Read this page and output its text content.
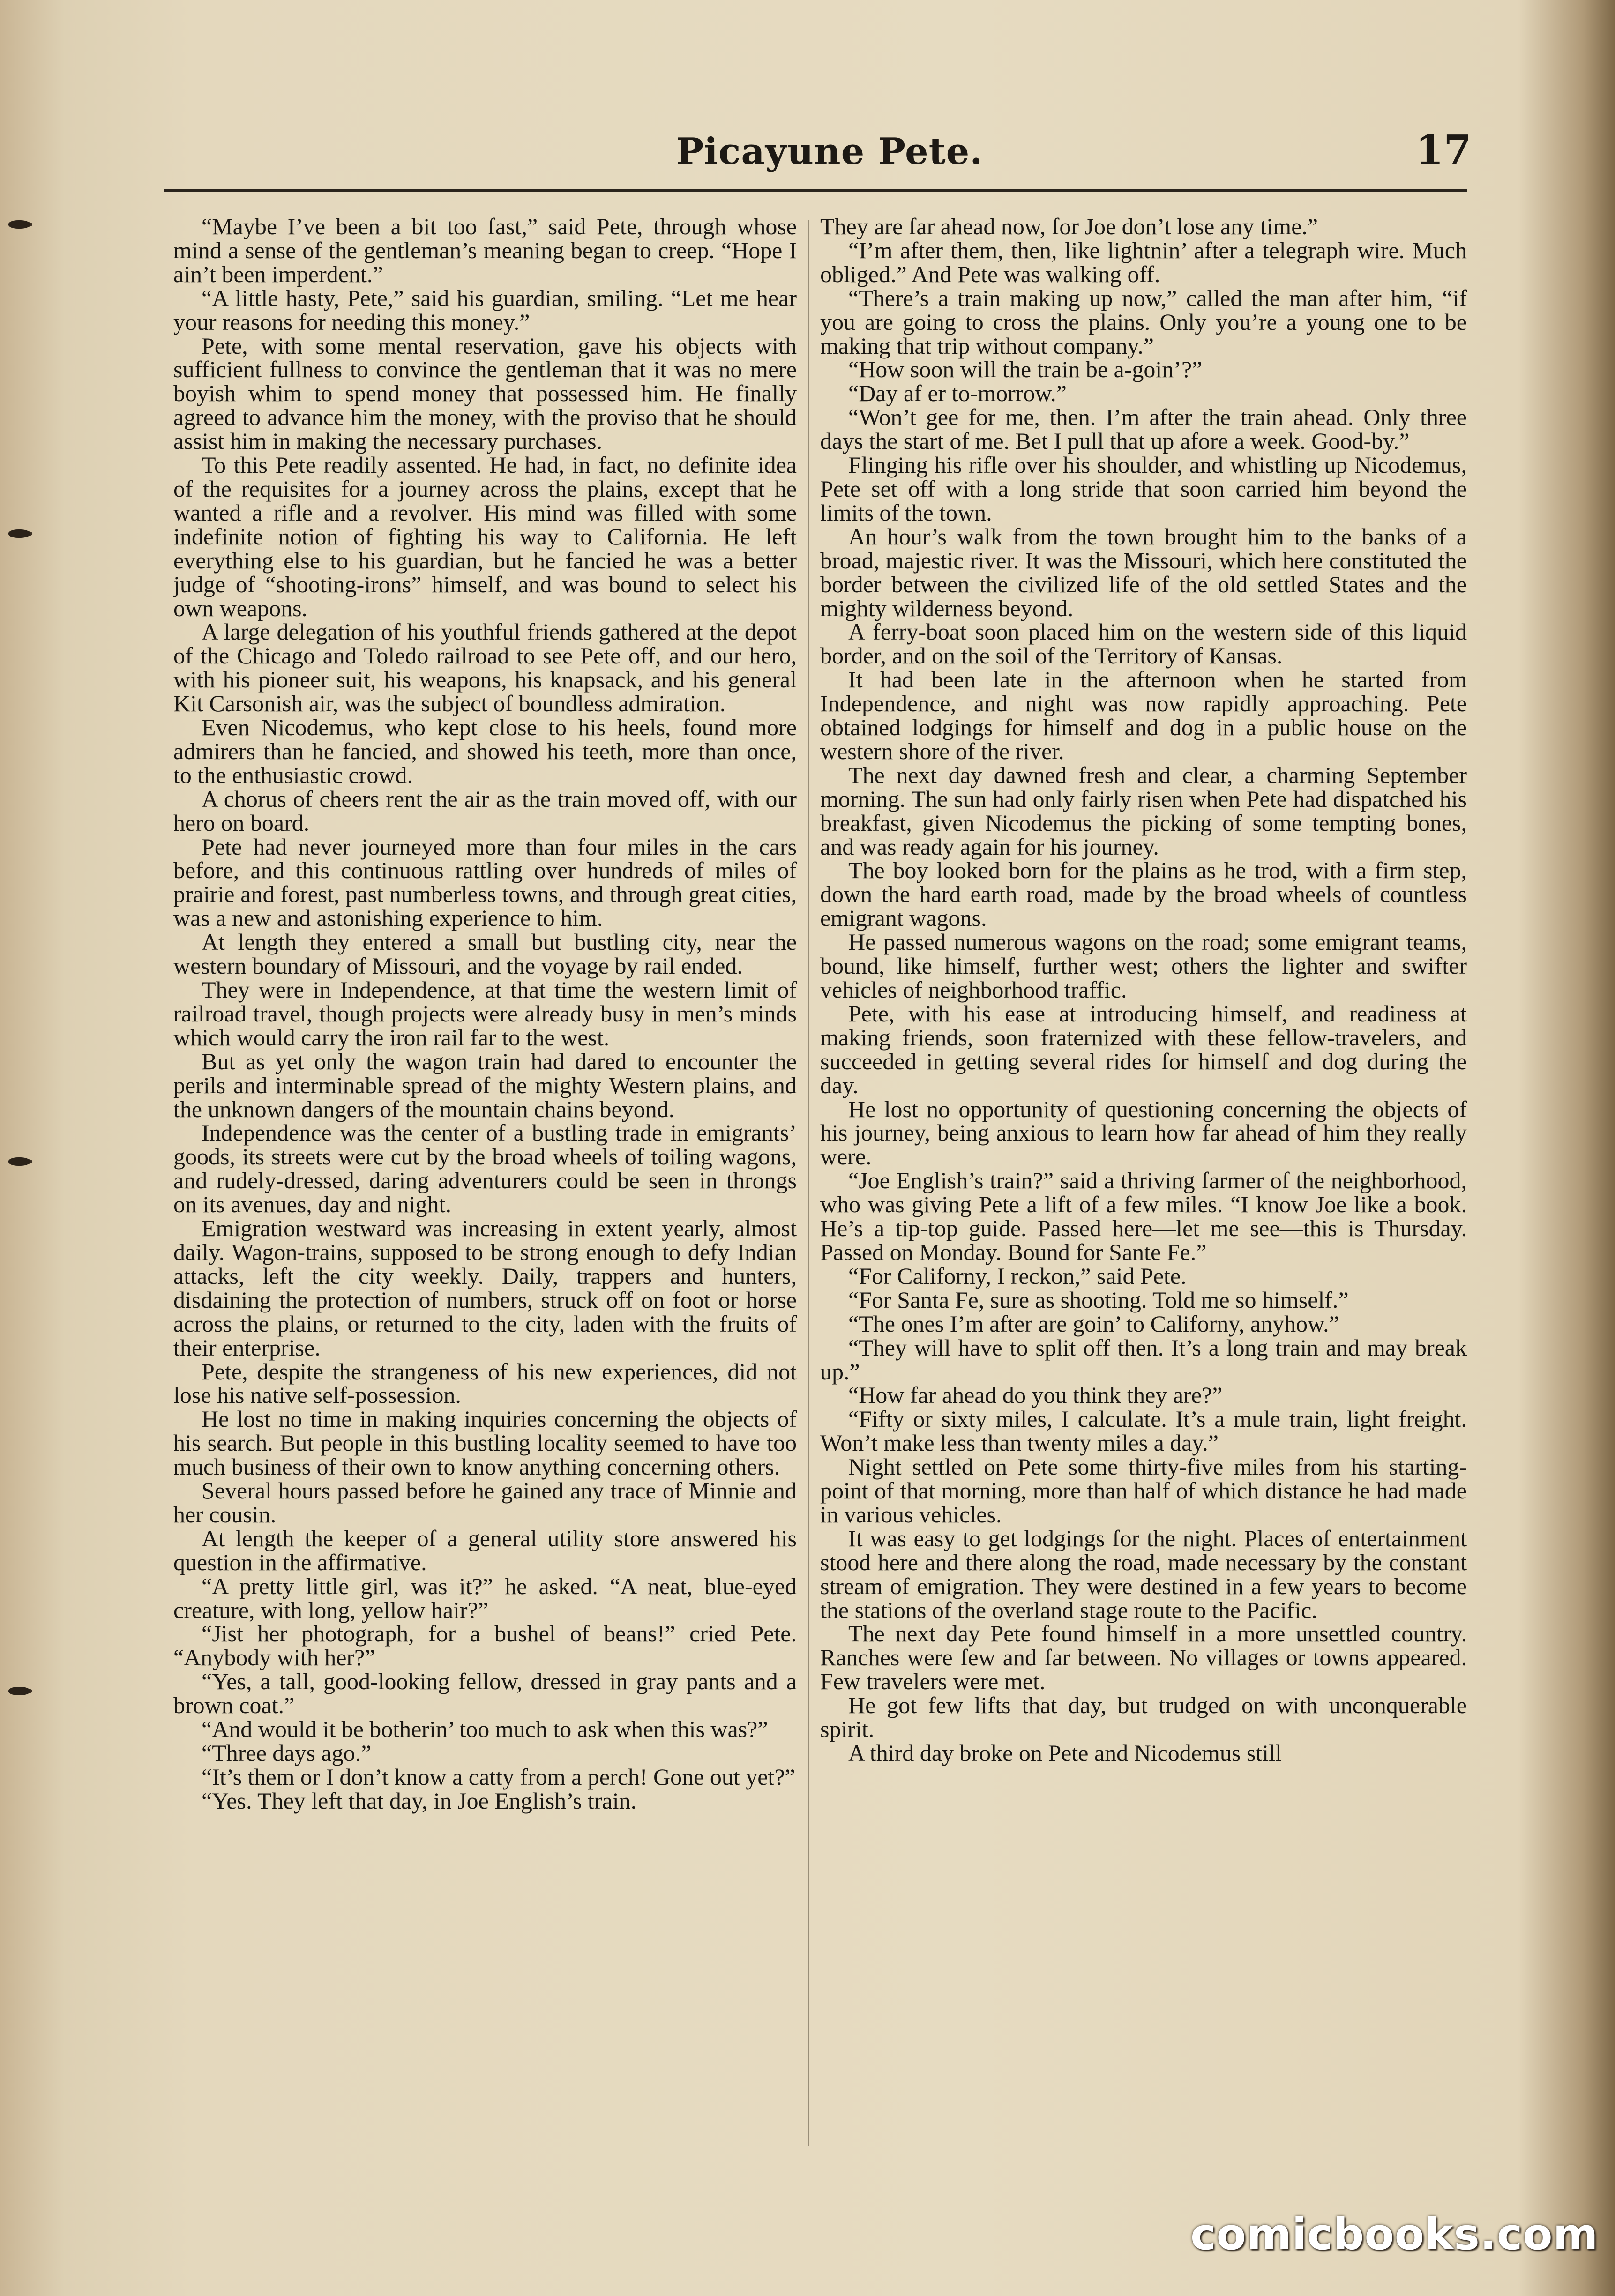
Picayune Pete.	17

“Maybe I’ve been a bit too fast,” said Pete, through whose mind a sense of the gentleman’s meaning began to creep. “Hope I ain’t been imperdent.”

“A little hasty, Pete,” said his guardian, smiling. “Let me hear your reasons for needing this money.”

Pete, with some mental reservation, gave his objects with sufficient fullness to convince the gentleman that it was no mere boyish whim to spend money that possessed him. He finally agreed to advance him the money, with the proviso that he should assist him in making the necessary purchases.

To this Pete readily assented. He had, in fact, no definite idea of the requisites for a journey across the plains, except that he wanted a rifle and a revolver. His mind was filled with some indefinite notion of fighting his way to California. He left everything else to his guardian, but he fancied he was a better judge of “shooting-irons” himself, and was bound to select his own weapons.

A large delegation of his youthful friends gathered at the depot of the Chicago and Toledo railroad to see Pete off, and our hero, with his pioneer suit, his weapons, his knapsack, and his general Kit Carsonish air, was the subject of boundless admiration.

Even Nicodemus, who kept close to his heels, found more admirers than he fancied, and showed his teeth, more than once, to the enthusiastic crowd.

A chorus of cheers rent the air as the train moved off, with our hero on board.

Pete had never journeyed more than four miles in the cars before, and this continuous rattling over hundreds of miles of prairie and forest, past numberless towns, and through great cities, was a new and astonishing experience to him.

At length they entered a small but bustling city, near the western boundary of Missouri, and the voyage by rail ended.

They were in Independence, at that time the western limit of railroad travel, though projects were already busy in men’s minds which would carry the iron rail far to the west.

But as yet only the wagon train had dared to encounter the perils and interminable spread of the mighty Western plains, and the unknown dangers of the mountain chains beyond.

Independence was the center of a bustling trade in emigrants’ goods, its streets were cut by the broad wheels of toiling wagons, and rudely-dressed, daring adventurers could be seen in throngs on its avenues, day and night.

Emigration westward was increasing in extent yearly, almost daily. Wagon-trains, supposed to be strong enough to defy Indian attacks, left the city weekly. Daily, trappers and hunters, disdaining the protection of numbers, struck off on foot or horse across the plains, or returned to the city, laden with the fruits of their enterprise.

Pete, despite the strangeness of his new experiences, did not lose his native self-possession.

He lost no time in making inquiries concerning the objects of his search. But people in this bustling locality seemed to have too much business of their own to know anything concerning others.

Several hours passed before he gained any trace of Minnie and her cousin.

At length the keeper of a general utility store answered his question in the affirmative.

“A pretty little girl, was it?” he asked. “A neat, blue-eyed creature, with long, yellow hair?”

“Jist her photograph, for a bushel of beans!” cried Pete. “Anybody with her?”

“Yes, a tall, good-looking fellow, dressed in gray pants and a brown coat.”

“And would it be botherin’ too much to ask when this was?”

“Three days ago.”

“It’s them or I don’t know a catty from a perch! Gone out yet?”

“Yes. They left that day, in Joe English’s train.

They are far ahead now, for Joe don’t lose any time.”

“I’m after them, then, like lightnin’ after a telegraph wire. Much obliged.” And Pete was walking off.

“There’s a train making up now,” called the man after him, “if you are going to cross the plains. Only you’re a young one to be making that trip without company.”

“How soon will the train be a-goin’?”

“Day af er to-morrow.”

“Won’t gee for me, then. I’m after the train ahead. Only three days the start of me. Bet I pull that up afore a week. Good-by.”

Flinging his rifle over his shoulder, and whistling up Nicodemus, Pete set off with a long stride that soon carried him beyond the limits of the town.

An hour’s walk from the town brought him to the banks of a broad, majestic river. It was the Missouri, which here constituted the border between the civilized life of the old settled States and the mighty wilderness beyond.

A ferry-boat soon placed him on the western side of this liquid border, and on the soil of the Territory of Kansas.

It had been late in the afternoon when he started from Independence, and night was now rapidly approaching. Pete obtained lodgings for himself and dog in a public house on the western shore of the river.

The next day dawned fresh and clear, a charming September morning. The sun had only fairly risen when Pete had dispatched his breakfast, given Nicodemus the picking of some tempting bones, and was ready again for his journey.

The boy looked born for the plains as he trod, with a firm step, down the hard earth road, made by the broad wheels of countless emigrant wagons.

He passed numerous wagons on the road; some emigrant teams, bound, like himself, further west; others the lighter and swifter vehicles of neighborhood traffic.

Pete, with his ease at introducing himself, and readiness at making friends, soon fraternized with these fellow-travelers, and succeeded in getting several rides for himself and dog during the day.

He lost no opportunity of questioning concerning the objects of his journey, being anxious to learn how far ahead of him they really were.

“Joe English’s train?” said a thriving farmer of the neighborhood, who was giving Pete a lift of a few miles. “I know Joe like a book. He’s a tip-top guide. Passed here—let me see—this is Thursday. Passed on Monday. Bound for Sante Fe.”

“For Californy, I reckon,” said Pete.

“For Santa Fe, sure as shooting. Told me so himself.”

“The ones I’m after are goin’ to Californy, anyhow.”

“They will have to split off then. It’s a long train and may break up.”

“How far ahead do you think they are?”

“Fifty or sixty miles, I calculate. It’s a mule train, light freight. Won’t make less than twenty miles a day.”

Night settled on Pete some thirty-five miles from his starting-point of that morning, more than half of which distance he had made in various vehicles.

It was easy to get lodgings for the night. Places of entertainment stood here and there along the road, made necessary by the constant stream of emigration. They were destined in a few years to become the stations of the overland stage route to the Pacific.

The next day Pete found himself in a more unsettled country. Ranches were few and far between. No villages or towns appeared. Few travelers were met.

He got few lifts that day, but trudged on with unconquerable spirit.

A third day broke on Pete and Nicodemus still

comicbooks.com
